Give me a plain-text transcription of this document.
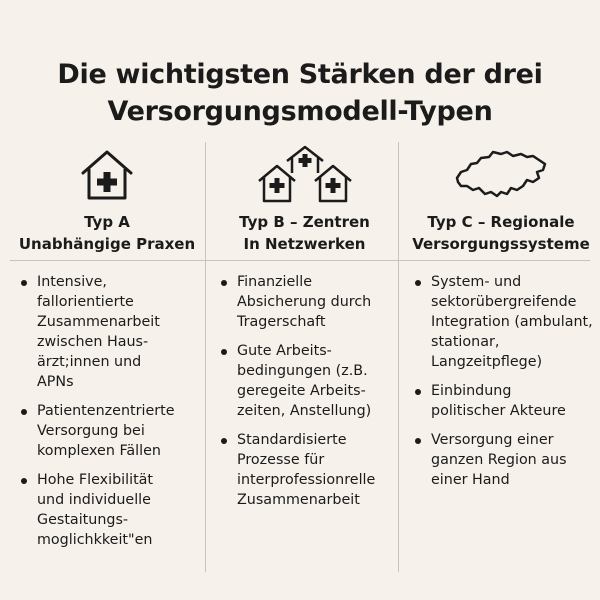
Die wichtigsten Stärken der drei
Versorgungsmodell-Typen
Typ A
Unabhängige Praxen
Intensive,
fallorientierte
Zusammenarbeit
zwischen Haus-
ärzt;innen und
APNs
Patientenzentrierte
Versorgung bei
komplexen Fällen
Hohe Flexibilität
und individuelle
Gestaitungs-
moglichkkeit"en
Typ B – Zentren
In Netzwerken
Finanzielle
Absicherung durch
Tragerschaft
Gute Arbeits-
bedingungen (z.B.
geregeite Arbeits-
zeiten, Anstellung)
Standardisierte
Prozesse für
interprofessionrelle
Zusammenarbeit
Typ C – Regionale
Versorgungssysteme
System- und
sektorübergreifende
Integration (ambulant,
stationar,
Langzeitpflege)
Einbindung
politischer Akteure
Versorgung einer
ganzen Region aus
einer Hand
